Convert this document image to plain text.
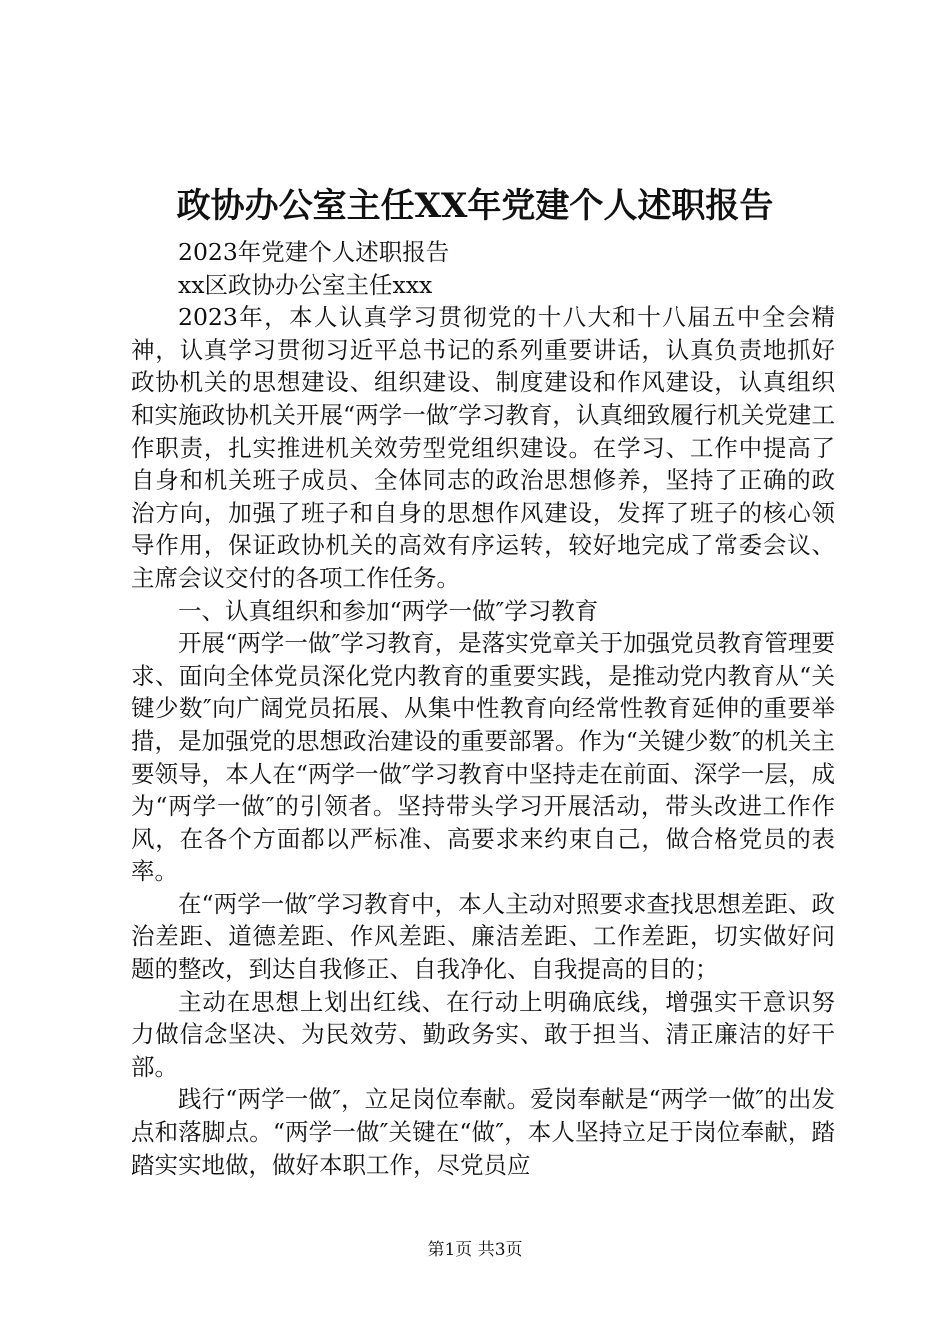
政协办公室主任XX年党建个人述职报告

2023年党建个人述职报告

xx区政协办公室主任xxx

2023年，本人认真学习贯彻党的十八大和十八届五中全会精神，认真学习贯彻习近平总书记的系列重要讲话，认真负责地抓好政协机关的思想建设、组织建设、制度建设和作风建设，认真组织和实施政协机关开展“两学一做″学习教育，认真细致履行机关党建工作职责，扎实推进机关效劳型党组织建设。在学习、工作中提高了自身和机关班子成员、全体同志的政治思想修养，坚持了正确的政治方向，加强了班子和自身的思想作风建设，发挥了班子的核心领导作用，保证政协机关的高效有序运转，较好地完成了常委会议、主席会议交付的各项工作任务。

一、认真组织和参加“两学一做″学习教育

开展“两学一做″学习教育，是落实党章关于加强党员教育管理要求、面向全体党员深化党内教育的重要实践，是推动党内教育从“关键少数″向广阔党员拓展、从集中性教育向经常性教育延伸的重要举措，是加强党的思想政治建设的重要部署。作为“关键少数″的机关主要领导，本人在“两学一做″学习教育中坚持走在前面、深学一层，成为“两学一做″的引领者。坚持带头学习开展活动，带头改进工作作风，在各个方面都以严标准、高要求来约束自己，做合格党员的表率。

在“两学一做″学习教育中，本人主动对照要求查找思想差距、政治差距、道德差距、作风差距、廉洁差距、工作差距，切实做好问题的整改，到达自我修正、自我净化、自我提高的目的；

主动在思想上划出红线、在行动上明确底线，增强实干意识努力做信念坚决、为民效劳、勤政务实、敢于担当、清正廉洁的好干部。

践行“两学一做″，立足岗位奉献。爱岗奉献是“两学一做″的出发点和落脚点。“两学一做″关键在“做″，本人坚持立足于岗位奉献，踏踏实实地做，做好本职工作，尽党员应

第1页 共3页
